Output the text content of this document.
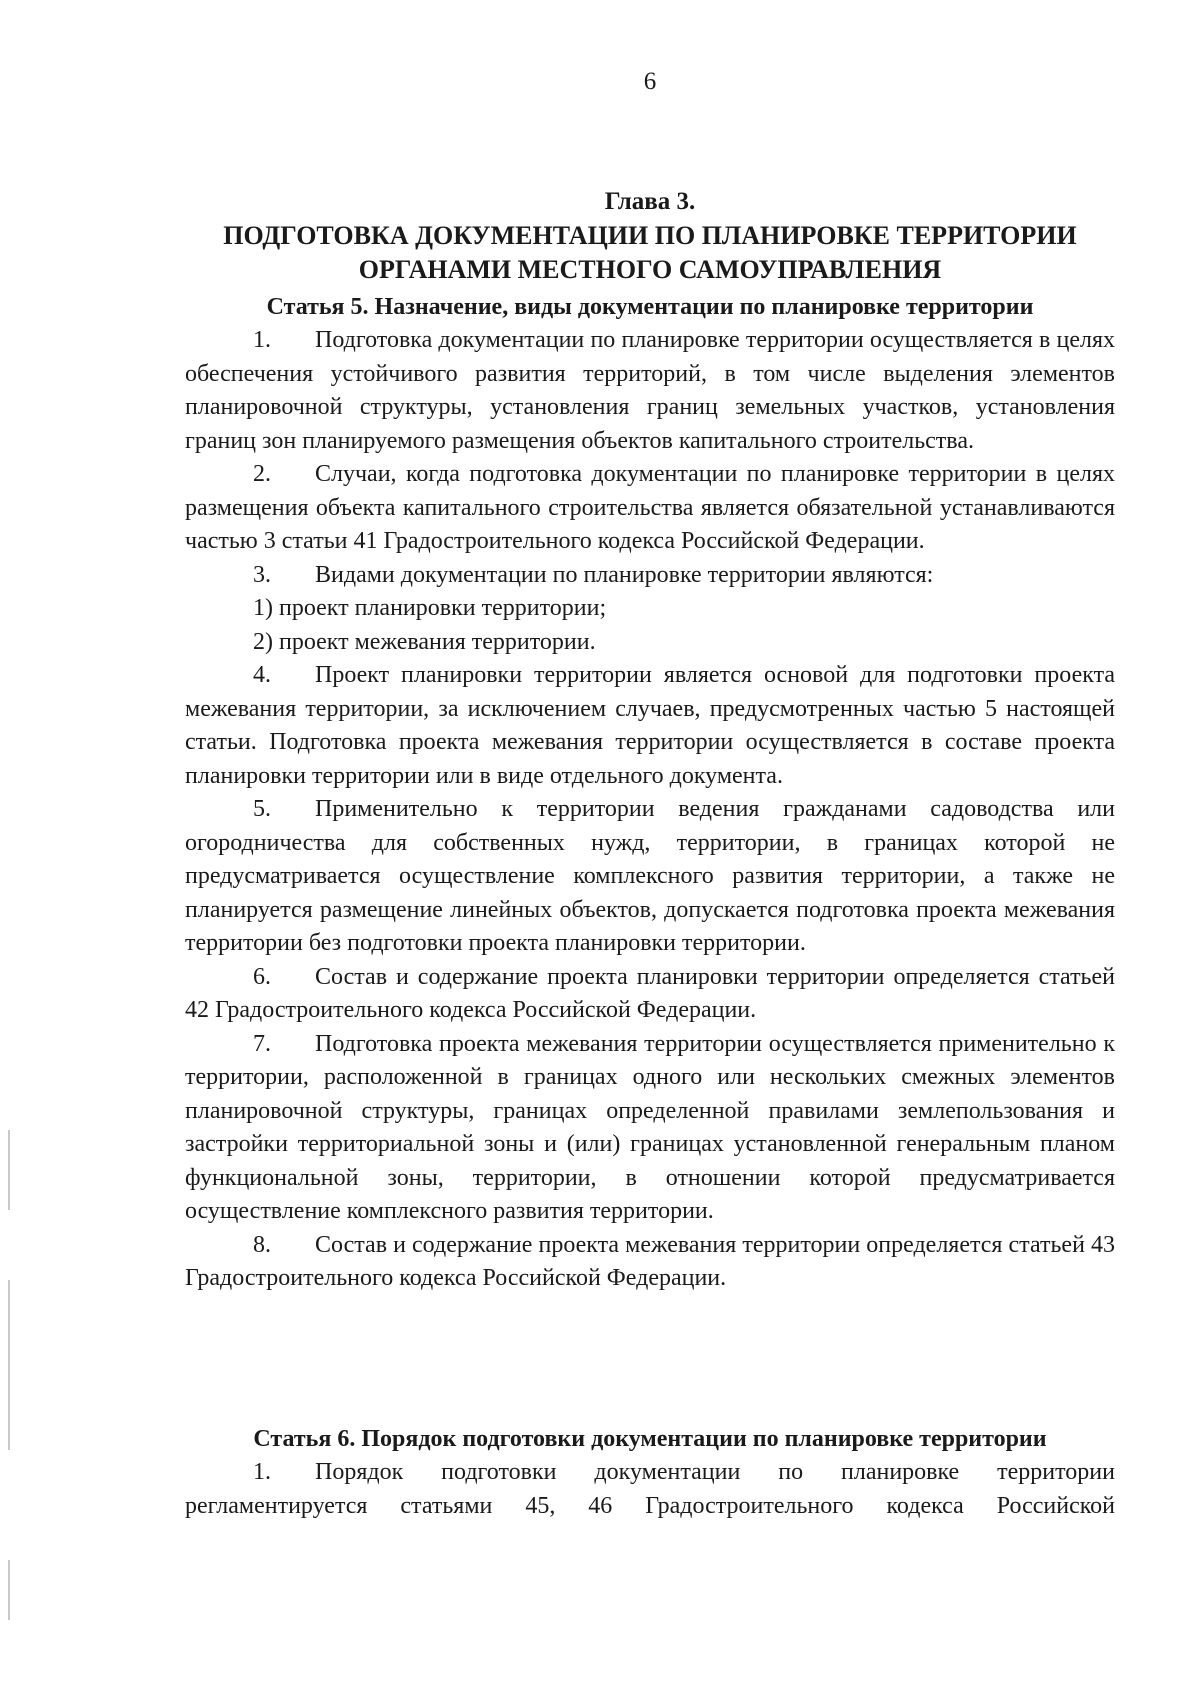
6
Глава 3.
ПОДГОТОВКА ДОКУМЕНТАЦИИ ПО ПЛАНИРОВКЕ ТЕРРИТОРИИ
ОРГАНАМИ МЕСТНОГО САМОУПРАВЛЕНИЯ
Статья 5. Назначение, виды документации по планировке территории

1. Подготовка документации по планировке территории осуществляется в целях обеспечения устойчивого развития территорий, в том числе выделения элементов планировочной структуры, установления границ земельных участков, установления границ зон планируемого размещения объектов капитального строительства.

2. Случаи, когда подготовка документации по планировке территории в целях размещения объекта капитального строительства является обязательной устанавливаются частью 3 статьи 41 Градостроительного кодекса Российской Федерации.

3. Видами документации по планировке территории являются:

1) проект планировки территории;

2) проект межевания территории.

4. Проект планировки территории является основой для подготовки проекта межевания территории, за исключением случаев, предусмотренных частью 5 настоящей статьи. Подготовка проекта межевания территории осуществляется в составе проекта планировки территории или в виде отдельного документа.

5. Применительно к территории ведения гражданами садоводства или огородничества для собственных нужд, территории, в границах которой не предусматривается осуществление комплексного развития территории, а также не планируется размещение линейных объектов, допускается подготовка проекта межевания территории без подготовки проекта планировки территории.

6. Состав и содержание проекта планировки территории определяется статьей 42 Градостроительного кодекса Российской Федерации.

7. Подготовка проекта межевания территории осуществляется применительно к территории, расположенной в границах одного или нескольких смежных элементов планировочной структуры, границах определенной правилами землепользования и застройки территориальной зоны и (или) границах установленной генеральным планом функциональной зоны, территории, в отношении которой предусматривается осуществление комплексного развития территории.

8. Состав и содержание проекта межевания территории определяется статьей 43 Градостроительного кодекса Российской Федерации.

Статья 6. Порядок подготовки документации по планировке территории

1. Порядок подготовки документации по планировке территории регламентируется статьями 45, 46 Градостроительного кодекса Российской
